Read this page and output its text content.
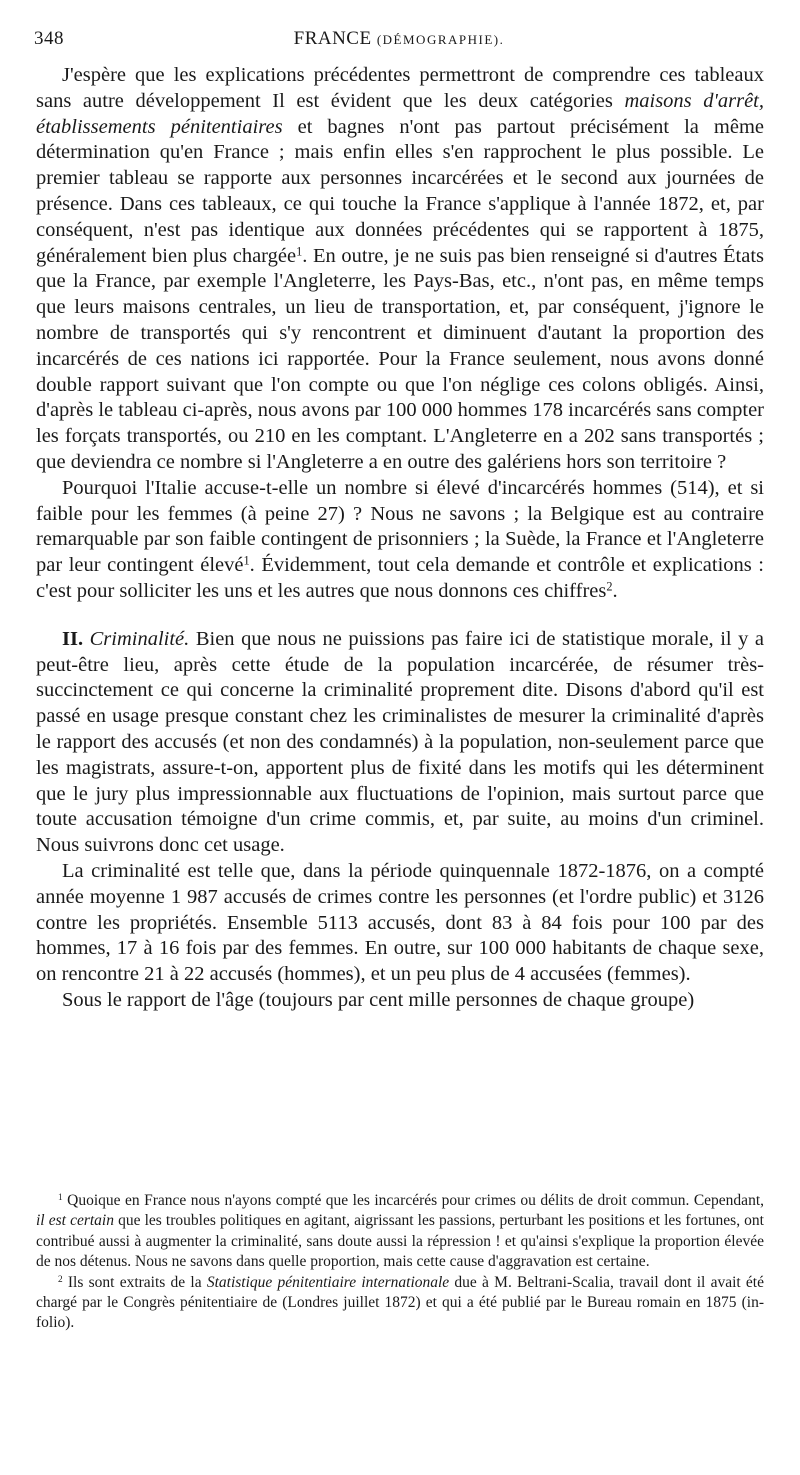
348	FRANCE (DÉMOGRAPHIE).

J'espère que les explications précédentes permettront de comprendre ces tableaux sans autre développement Il est évident que les deux catégories maisons d'arrêt, établissements pénitentiaires et bagnes n'ont pas partout précisément la même détermination qu'en France ; mais enfin elles s'en rapprochent le plus possible. Le premier tableau se rapporte aux personnes incarcérées et le second aux journées de présence. Dans ces tableaux, ce qui touche la France s'applique à l'année 1872, et, par conséquent, n'est pas identique aux données précédentes qui se rapportent à 1875, généralement bien plus chargée$^1$. En outre, je ne suis pas bien renseigné si d'autres États que la France, par exemple l'Angleterre, les Pays-Bas, etc., n'ont pas, en même temps que leurs maisons centrales, un lieu de transportation, et, par conséquent, j'ignore le nombre de transportés qui s'y rencontrent et diminuent d'autant la proportion des incarcérés de ces nations ici rapportée. Pour la France seulement, nous avons donné double rapport suivant que l'on compte ou que l'on néglige ces colons obligés. Ainsi, d'après le tableau ci-après, nous avons par 100 000 hommes 178 incarcérés sans compter les forçats transportés, ou 210 en les comptant. L'Angleterre en a 202 sans transportés ; que deviendra ce nombre si l'Angleterre a en outre des galériens hors son territoire ?

Pourquoi l'Italie accuse-t-elle un nombre si élevé d'incarcérés hommes (514), et si faible pour les femmes (à peine 27) ? Nous ne savons ; la Belgique est au contraire remarquable par son faible contingent de prisonniers ; la Suède, la France et l'Angleterre par leur contingent élevé$^1$. Évidemment, tout cela demande et contrôle et explications : c'est pour solliciter les uns et les autres que nous donnons ces chiffres$^2$.

II. Criminalité. Bien que nous ne puissions pas faire ici de statistique morale, il y a peut-être lieu, après cette étude de la population incarcérée, de résumer très-succinctement ce qui concerne la criminalité proprement dite. Disons d'abord qu'il est passé en usage presque constant chez les criminalistes de mesurer la criminalité d'après le rapport des accusés (et non des condamnés) à la population, non-seulement parce que les magistrats, assure-t-on, apportent plus de fixité dans les motifs qui les déterminent que le jury plus impressionnable aux fluctuations de l'opinion, mais surtout parce que toute accusation témoigne d'un crime commis, et, par suite, au moins d'un criminel. Nous suivrons donc cet usage.

La criminalité est telle que, dans la période quinquennale 1872-1876, on a compté année moyenne 1 987 accusés de crimes contre les personnes (et l'ordre public) et 3126 contre les propriétés. Ensemble 5113 accusés, dont 83 à 84 fois pour 100 par des hommes, 17 à 16 fois par des femmes. En outre, sur 100 000 habitants de chaque sexe, on rencontre 21 à 22 accusés (hommes), et un peu plus de 4 accusées (femmes).

Sous le rapport de l'âge (toujours par cent mille personnes de chaque groupe)

$^1$ Quoique en France nous n'ayons compté que les incarcérés pour crimes ou délits de droit commun. Cependant, il est certain que les troubles politiques en agitant, aigrissant les passions, perturbant les positions et les fortunes, ont contribué aussi à augmenter la criminalité, sans doute aussi la répression ! et qu'ainsi s'explique la proportion élevée de nos détenus. Nous ne savons dans quelle proportion, mais cette cause d'aggravation est certaine.

$^2$ Ils sont extraits de la Statistique pénitentiaire internationale due à M. Beltrani-Scalia, travail dont il avait été chargé par le Congrès pénitentiaire de (Londres juillet 1872) et qui a été publié par le Bureau romain en 1875 (in-folio).
